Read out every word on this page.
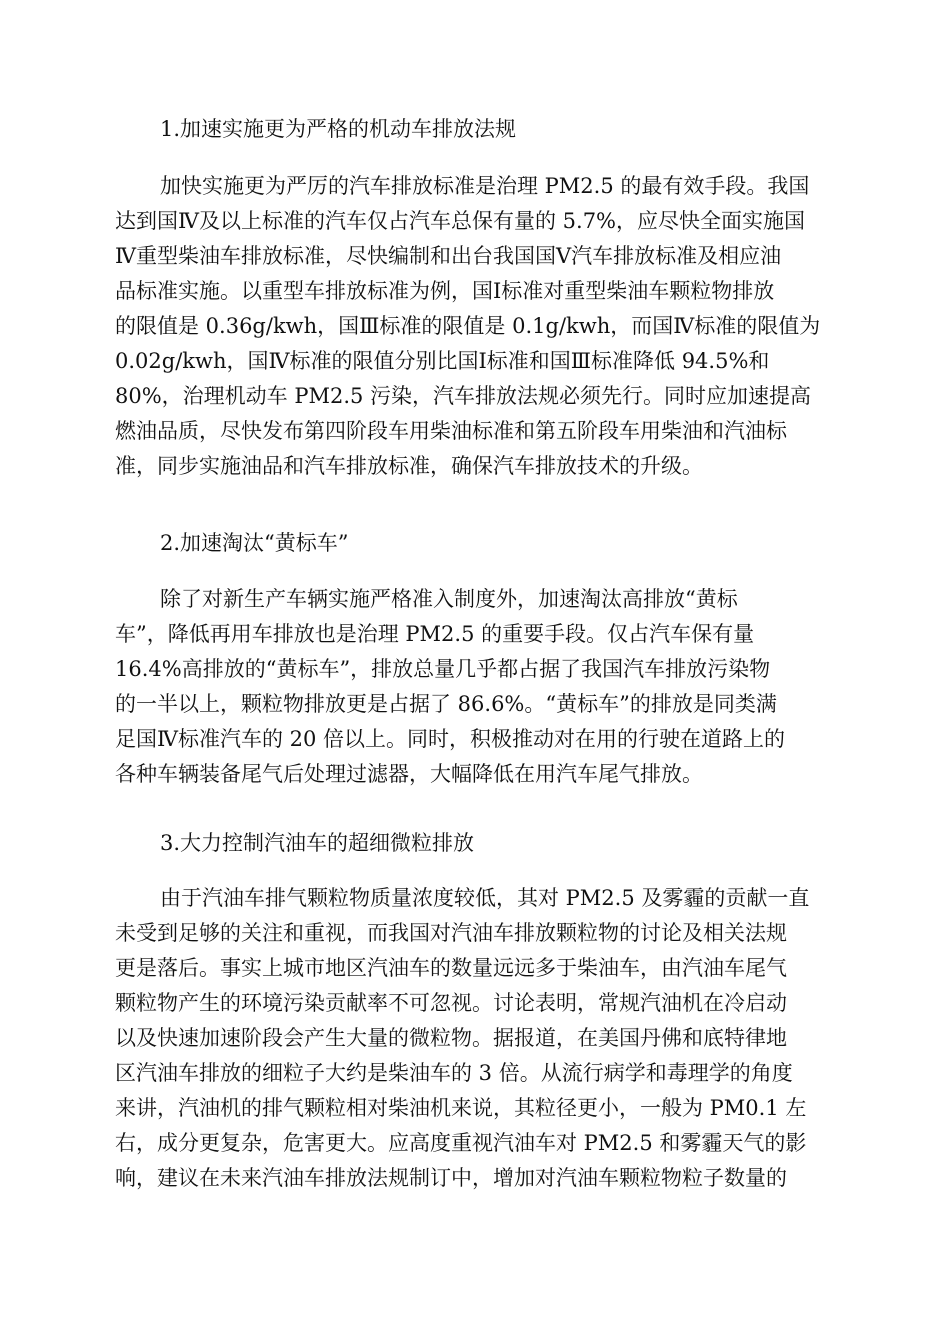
1.加速实施更为严格的机动车排放法规
加快实施更为严厉的汽车排放标准是治理 PM2.5 的最有效手段。我国
达到国Ⅳ及以上标准的汽车仅占汽车总保有量的 5.7%，应尽快全面实施国
Ⅳ重型柴油车排放标准，尽快编制和出台我国国Ⅴ汽车排放标准及相应油
品标准实施。以重型车排放标准为例，国Ⅰ标准对重型柴油车颗粒物排放
的限值是 0.36g/kwh，国Ⅲ标准的限值是 0.1g/kwh，而国Ⅳ标准的限值为
0.02g/kwh，国Ⅳ标准的限值分别比国Ⅰ标准和国Ⅲ标准降低 94.5%和
80%，治理机动车 PM2.5 污染，汽车排放法规必须先行。同时应加速提高
燃油品质，尽快发布第四阶段车用柴油标准和第五阶段车用柴油和汽油标
准，同步实施油品和汽车排放标准，确保汽车排放技术的升级。
2.加速淘汰“黄标车”
除了对新生产车辆实施严格准入制度外，加速淘汰高排放“黄标
车”，降低再用车排放也是治理 PM2.5 的重要手段。仅占汽车保有量
16.4%高排放的“黄标车”，排放总量几乎都占据了我国汽车排放污染物
的一半以上，颗粒物排放更是占据了 86.6%。“黄标车”的排放是同类满
足国Ⅳ标准汽车的 20 倍以上。同时，积极推动对在用的行驶在道路上的
各种车辆装备尾气后处理过滤器，大幅降低在用汽车尾气排放。
3.大力控制汽油车的超细微粒排放
由于汽油车排气颗粒物质量浓度较低，其对 PM2.5 及雾霾的贡献一直
未受到足够的关注和重视，而我国对汽油车排放颗粒物的讨论及相关法规
更是落后。事实上城市地区汽油车的数量远远多于柴油车，由汽油车尾气
颗粒物产生的环境污染贡献率不可忽视。讨论表明，常规汽油机在冷启动
以及快速加速阶段会产生大量的微粒物。据报道，在美国丹佛和底特律地
区汽油车排放的细粒子大约是柴油车的 3 倍。从流行病学和毒理学的角度
来讲，汽油机的排气颗粒相对柴油机来说，其粒径更小，一般为 PM0.1 左
右，成分更复杂，危害更大。应高度重视汽油车对 PM2.5 和雾霾天气的影
响，建议在未来汽油车排放法规制订中，增加对汽油车颗粒物粒子数量的
